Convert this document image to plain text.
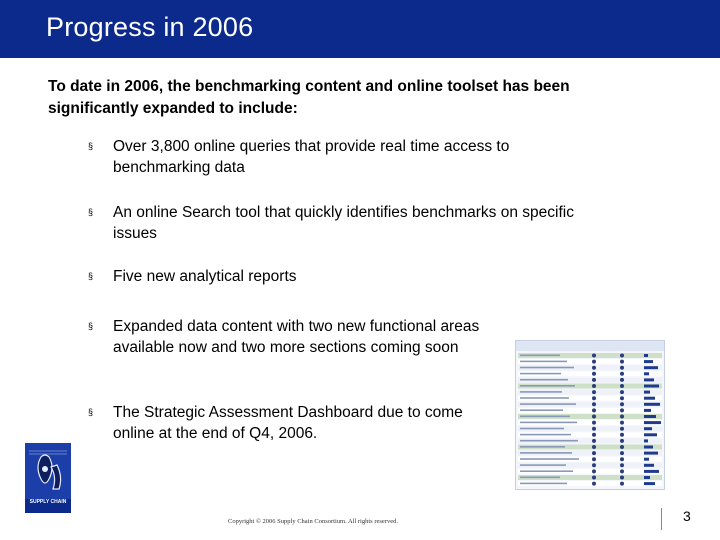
Progress in 2006
To date in 2006, the benchmarking content and online toolset has been significantly expanded to include:
§	Over 3,800 online queries that provide real time access to benchmarking data
§	An online Search tool that quickly identifies benchmarks on specific issues
§	Five new analytical reports
§	Expanded data content with two new functional areas available now and two more sections coming soon
§	The Strategic Assessment Dashboard due to come online at the end of Q4, 2006.
SUPPLY CHAIN
Copyright © 2006 Supply Chain Consortium. All rights reserved.	3
